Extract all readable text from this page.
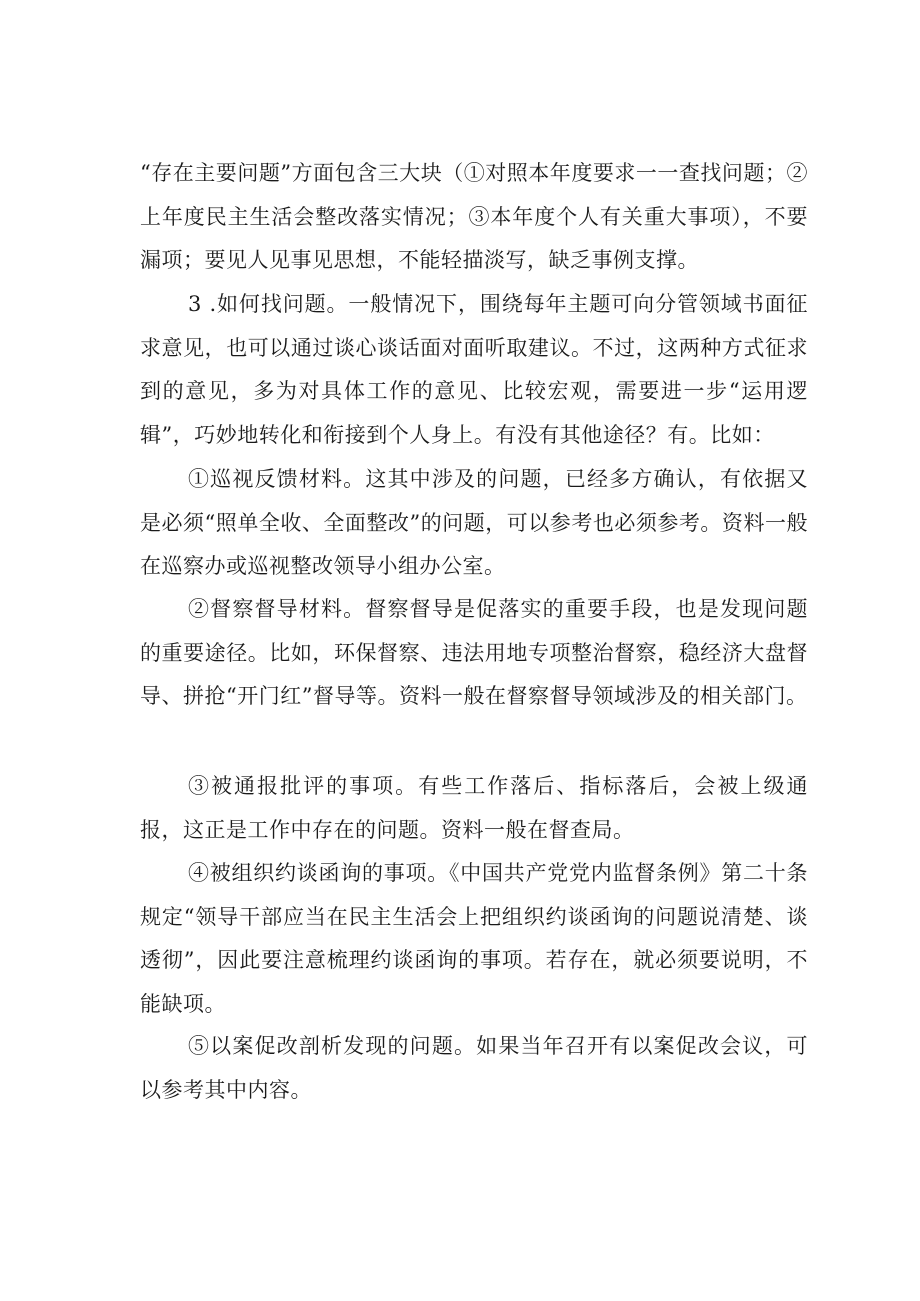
“存在主要问题”方面包含三大块（①对照本年度要求一一查找问题；②上年度民主生活会整改落实情况；③本年度个人有关重大事项），不要漏项；要见人见事见思想，不能轻描淡写，缺乏事例支撑。

3 .如何找问题。一般情况下，围绕每年主题可向分管领域书面征求意见，也可以通过谈心谈话面对面听取建议。不过，这两种方式征求到的意见，多为对具体工作的意见、比较宏观，需要进一步“运用逻辑”，巧妙地转化和衔接到个人身上。有没有其他途径？有。比如：

①巡视反馈材料。这其中涉及的问题，已经多方确认，有依据又是必须“照单全收、全面整改”的问题，可以参考也必须参考。资料一般在巡察办或巡视整改领导小组办公室。

②督察督导材料。督察督导是促落实的重要手段，也是发现问题的重要途径。比如，环保督察、违法用地专项整治督察，稳经济大盘督导、拼抢“开门红”督导等。资料一般在督察督导领域涉及的相关部门。

③被通报批评的事项。有些工作落后、指标落后，会被上级通报，这正是工作中存在的问题。资料一般在督查局。

④被组织约谈函询的事项。《中国共产党党内监督条例》第二十条规定“领导干部应当在民主生活会上把组织约谈函询的问题说清楚、谈透彻”，因此要注意梳理约谈函询的事项。若存在，就必须要说明，不能缺项。

⑤以案促改剖析发现的问题。如果当年召开有以案促改会议，可以参考其中内容。
